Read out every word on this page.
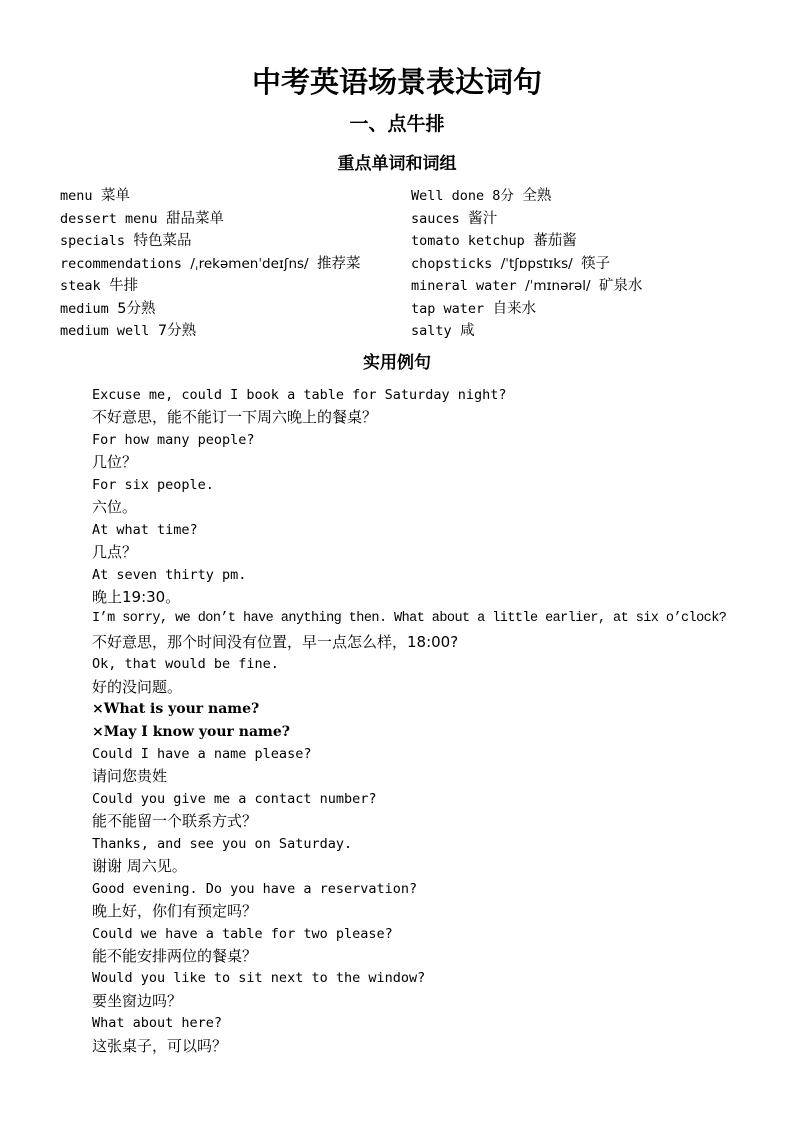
中考英语场景表达词句
一、点牛排
重点单词和词组
menu 菜单
dessert menu 甜品菜单
specials 特色菜品
recommendations /ˌrekəmenˈdeɪʃns/ 推荐菜
steak 牛排
medium 5分熟
medium well 7分熟
Well done 8分 全熟
sauces 酱汁
tomato ketchup 蕃茄酱
chopsticks /ˈtʃɒpstɪks/ 筷子
mineral water /ˈmɪnərəl/ 矿泉水
tap water 自来水
salty 咸
实用例句
Excuse me, could I book a table for Saturday night?
不好意思，能不能订一下周六晚上的餐桌？
For how many people?
几位？
For six people.
六位。
At what time?
几点？
At seven thirty pm.
晚上19:30。
I’m sorry, we don’t have anything then. What about a little earlier, at six o’clock?
不好意思，那个时间没有位置，早一点怎么样，18:00?
Ok, that would be fine.
好的没问题。
×What is your name?
×May I know your name?
Could I have a name please?
请问您贵姓
Could you give me a contact number?
能不能留一个联系方式？
Thanks, and see you on Saturday.
谢谢 周六见。
Good evening. Do you have a reservation?
晚上好，你们有预定吗？
Could we have a table for two please?
能不能安排两位的餐桌？
Would you like to sit next to the window?
要坐窗边吗？
What about here?
这张桌子，可以吗？
